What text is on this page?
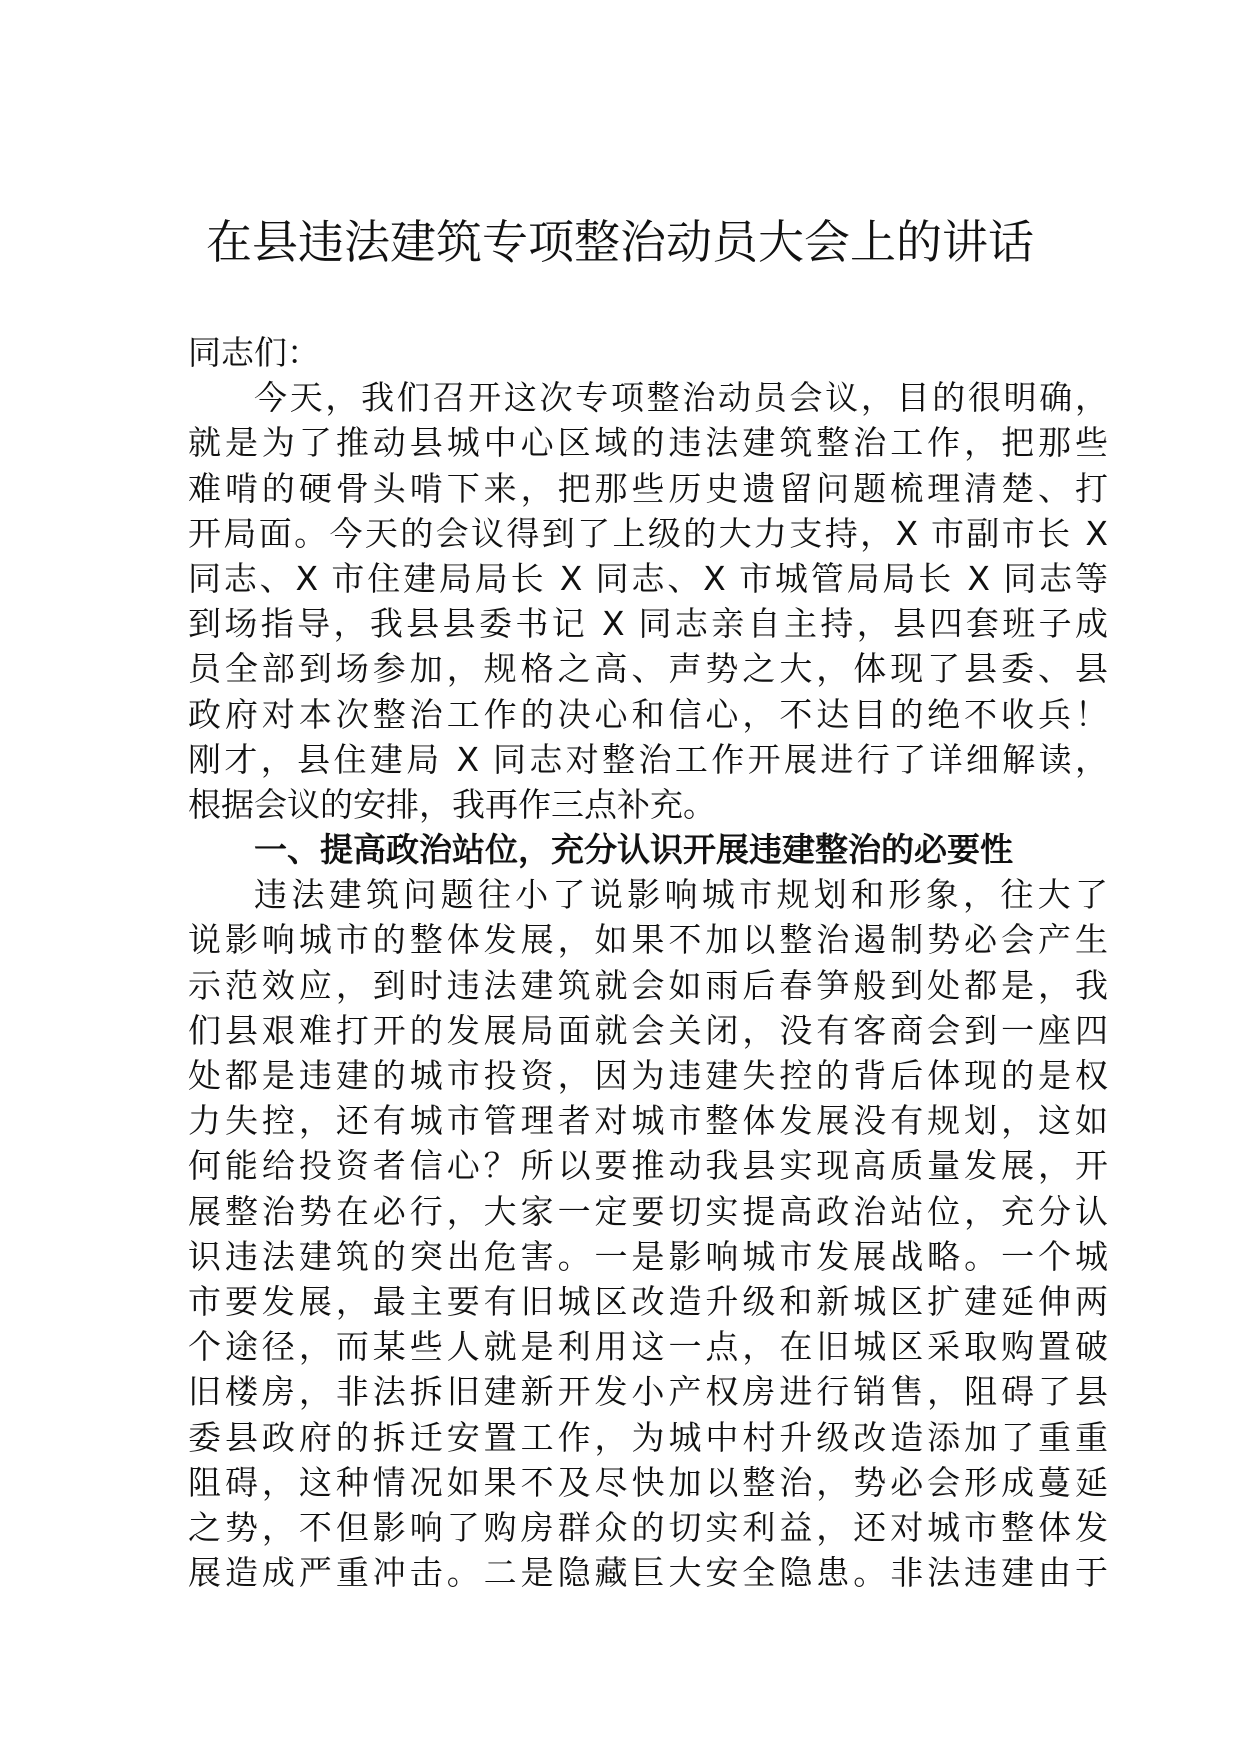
在县违法建筑专项整治动员大会上的讲话
同志们：
今天，我们召开这次专项整治动员会议，目的很明确，
就是为了推动县城中心区域的违法建筑整治工作，把那些
难啃的硬骨头啃下来，把那些历史遗留问题梳理清楚、打
开局面。今天的会议得到了上级的大力支持，X 市副市长 X
同志、X 市住建局局长 X 同志、X 市城管局局长 X 同志等
到场指导，我县县委书记 X 同志亲自主持，县四套班子成
员全部到场参加，规格之高、声势之大，体现了县委、县
政府对本次整治工作的决心和信心，不达目的绝不收兵！
刚才，县住建局 X 同志对整治工作开展进行了详细解读，
根据会议的安排，我再作三点补充。
一、提高政治站位，充分认识开展违建整治的必要性
违法建筑问题往小了说影响城市规划和形象，往大了
说影响城市的整体发展，如果不加以整治遏制势必会产生
示范效应，到时违法建筑就会如雨后春笋般到处都是，我
们县艰难打开的发展局面就会关闭，没有客商会到一座四
处都是违建的城市投资，因为违建失控的背后体现的是权
力失控，还有城市管理者对城市整体发展没有规划，这如
何能给投资者信心？所以要推动我县实现高质量发展，开
展整治势在必行，大家一定要切实提高政治站位，充分认
识违法建筑的突出危害。一是影响城市发展战略。一个城
市要发展，最主要有旧城区改造升级和新城区扩建延伸两
个途径，而某些人就是利用这一点，在旧城区采取购置破
旧楼房，非法拆旧建新开发小产权房进行销售，阻碍了县
委县政府的拆迁安置工作，为城中村升级改造添加了重重
阻碍，这种情况如果不及尽快加以整治，势必会形成蔓延
之势，不但影响了购房群众的切实利益，还对城市整体发
展造成严重冲击。二是隐藏巨大安全隐患。非法违建由于
